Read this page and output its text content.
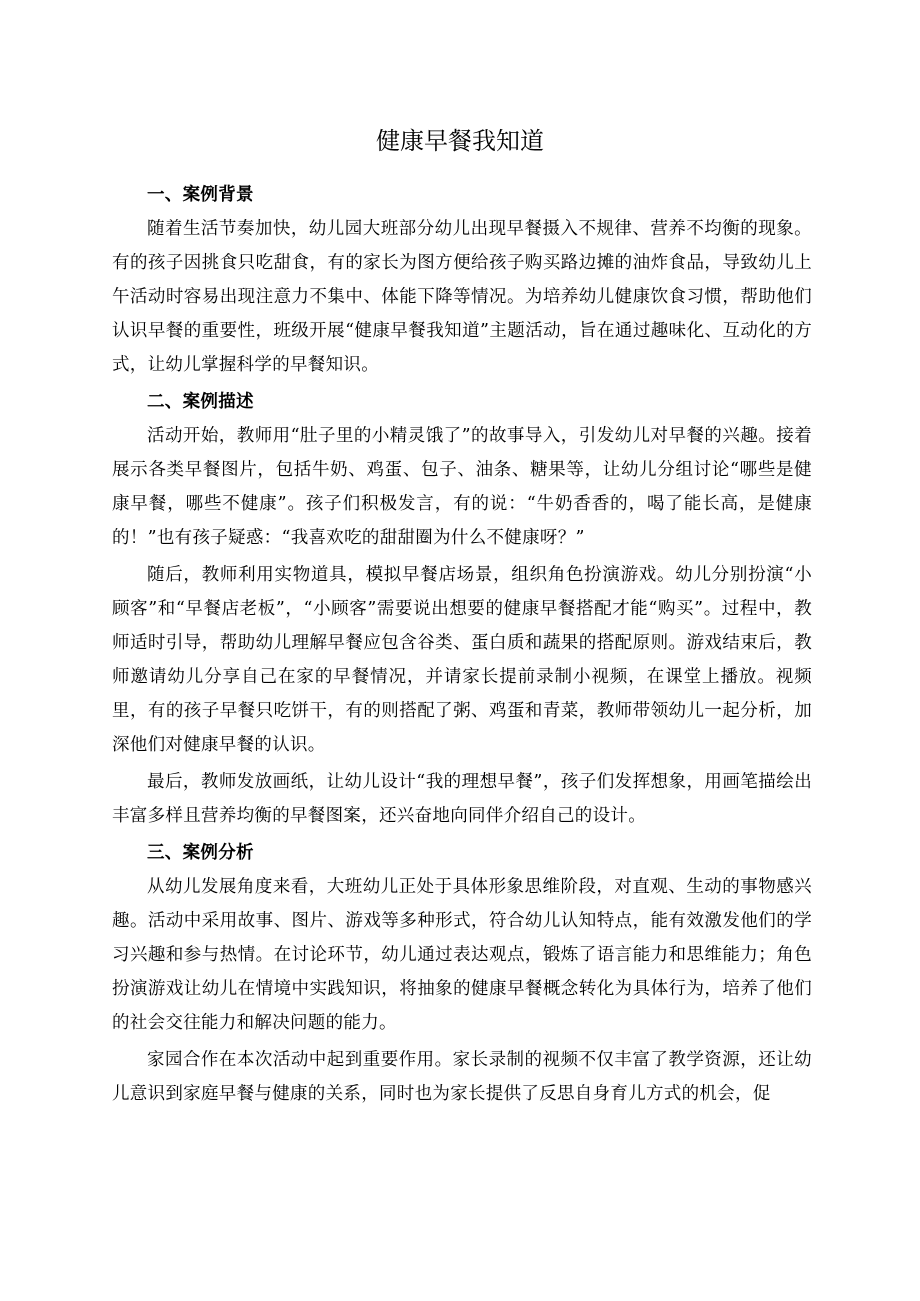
健康早餐我知道
一、案例背景

随着生活节奏加快，幼儿园大班部分幼儿出现早餐摄入不规律、营养不均衡的现象。有的孩子因挑食只吃甜食，有的家长为图方便给孩子购买路边摊的油炸食品，导致幼儿上午活动时容易出现注意力不集中、体能下降等情况。为培养幼儿健康饮食习惯，帮助他们认识早餐的重要性，班级开展“健康早餐我知道”主题活动，旨在通过趣味化、互动化的方式，让幼儿掌握科学的早餐知识。

二、案例描述

活动开始，教师用“肚子里的小精灵饿了”的故事导入，引发幼儿对早餐的兴趣。接着展示各类早餐图片，包括牛奶、鸡蛋、包子、油条、糖果等，让幼儿分组讨论“哪些是健康早餐，哪些不健康”。孩子们积极发言，有的说：“牛奶香香的，喝了能长高，是健康的！”也有孩子疑惑：“我喜欢吃的甜甜圈为什么不健康呀？”

随后，教师利用实物道具，模拟早餐店场景，组织角色扮演游戏。幼儿分别扮演“小顾客”和“早餐店老板”，“小顾客”需要说出想要的健康早餐搭配才能“购买”。过程中，教师适时引导，帮助幼儿理解早餐应包含谷类、蛋白质和蔬果的搭配原则。游戏结束后，教师邀请幼儿分享自己在家的早餐情况，并请家长提前录制小视频，在课堂上播放。视频里，有的孩子早餐只吃饼干，有的则搭配了粥、鸡蛋和青菜，教师带领幼儿一起分析，加深他们对健康早餐的认识。

最后，教师发放画纸，让幼儿设计“我的理想早餐”，孩子们发挥想象，用画笔描绘出丰富多样且营养均衡的早餐图案，还兴奋地向同伴介绍自己的设计。

三、案例分析

从幼儿发展角度来看，大班幼儿正处于具体形象思维阶段，对直观、生动的事物感兴趣。活动中采用故事、图片、游戏等多种形式，符合幼儿认知特点，能有效激发他们的学习兴趣和参与热情。在讨论环节，幼儿通过表达观点，锻炼了语言能力和思维能力；角色扮演游戏让幼儿在情境中实践知识，将抽象的健康早餐概念转化为具体行为，培养了他们的社会交往能力和解决问题的能力。

家园合作在本次活动中起到重要作用。家长录制的视频不仅丰富了教学资源，还让幼儿意识到家庭早餐与健康的关系，同时也为家长提供了反思自身育儿方式的机会，促
